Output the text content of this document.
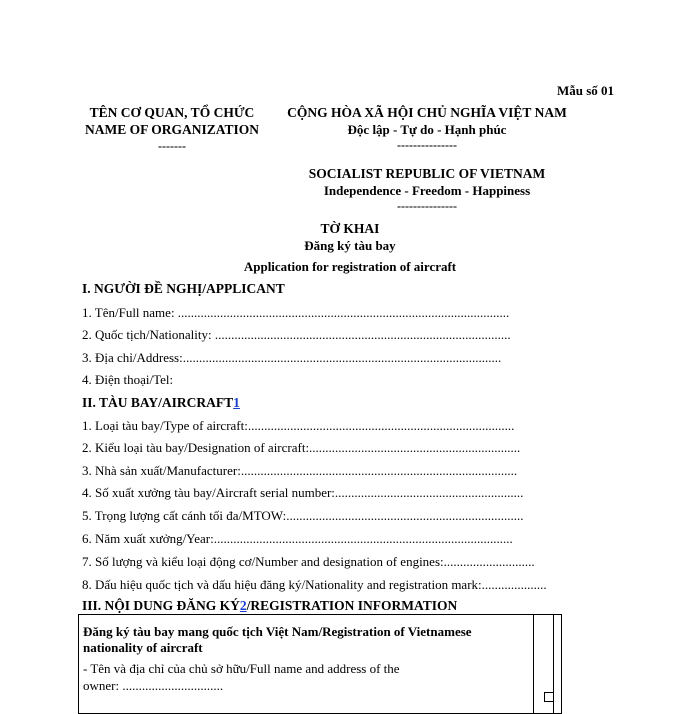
Mẫu số 01
TÊN CƠ QUAN, TỔ CHỨC
NAME OF ORGANIZATION
-------
CỘNG HÒA XÃ HỘI CHỦ NGHĨA VIỆT NAM
Độc lập - Tự do - Hạnh phúc
---------------
SOCIALIST REPUBLIC OF VIETNAM
Independence - Freedom - Happiness
---------------
TỜ KHAI
Đăng ký tàu bay
Application for registration of aircraft
I. NGƯỜI ĐỀ NGHỊ/APPLICANT
1. Tên/Full name: ......................................................................................................
2. Quốc tịch/Nationality: ...........................................................................................
3. Địa chỉ/Address:..................................................................................................
4. Điện thoại/Tel:
II. TÀU BAY/AIRCRAFT1
1. Loại tàu bay/Type of aircraft:..................................................................................
2. Kiểu loại tàu bay/Designation of aircraft:.................................................................
3. Nhà sản xuất/Manufacturer:.....................................................................................
4. Số xuất xưởng tàu bay/Aircraft serial number:..........................................................
5. Trọng lượng cất cánh tối đa/MTOW:.........................................................................
6. Năm xuất xưởng/Year:............................................................................................
7. Số lượng và kiểu loại động cơ/Number and designation of engines:............................
8. Dấu hiệu quốc tịch và dấu hiệu đăng ký/Nationality and registration mark:....................
III. NỘI DUNG ĐĂNG KÝ2/REGISTRATION INFORMATION
Đăng ký tàu bay mang quốc tịch Việt Nam/Registration of Vietnamese
nationality of aircraft
- Tên và địa chỉ của chủ sở hữu/Full name and address of the
owner: ...............................
